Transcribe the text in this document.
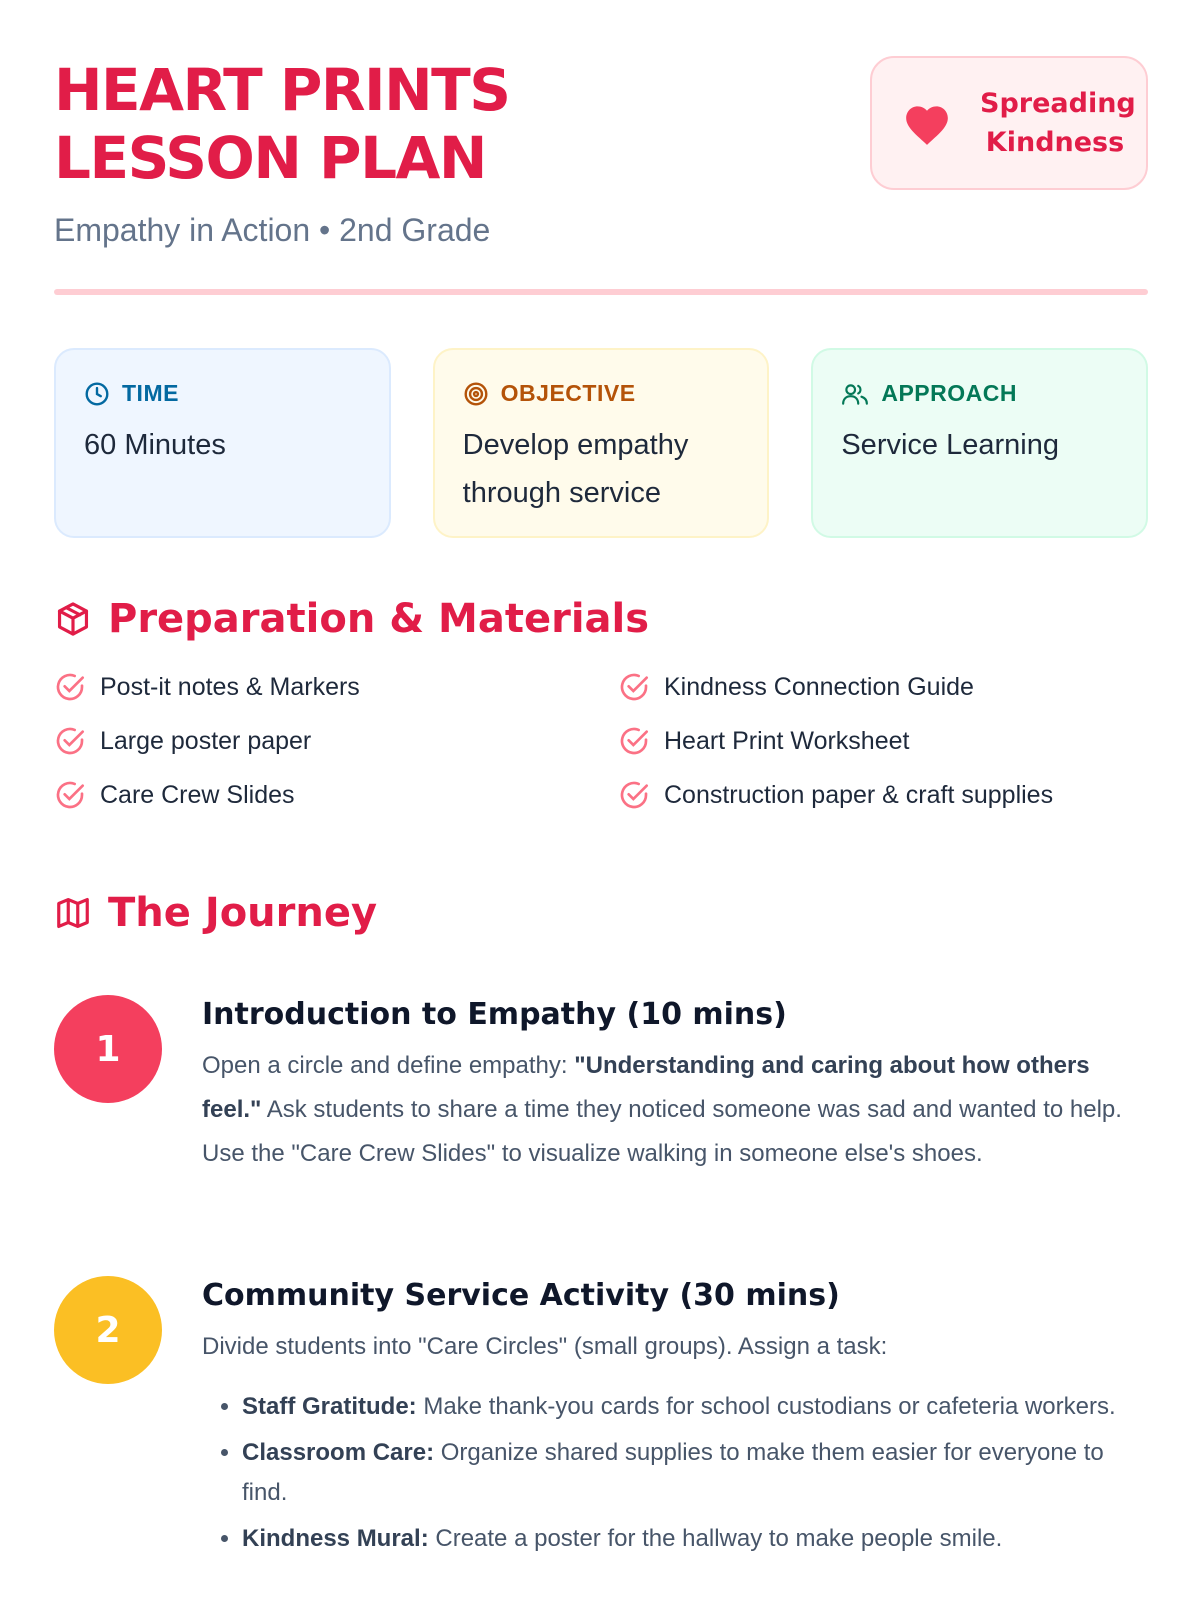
HEART PRINTS LESSON PLAN
Empathy in Action • 2nd Grade
Spreading Kindness
TIME
60 Minutes
OBJECTIVE
Develop empathy through service
APPROACH
Service Learning
Preparation & Materials
Post-it notes & Markers	Kindness Connection Guide
Large poster paper	Heart Print Worksheet
Care Crew Slides	Construction paper & craft supplies
The Journey
1
Introduction to Empathy (10 mins)

Open a circle and define empathy: "Understanding and caring about how others feel." Ask students to share a time they noticed someone was sad and wanted to help. Use the "Care Crew Slides" to visualize walking in someone else's shoes.

2
Community Service Activity (30 mins)

Divide students into "Care Circles" (small groups). Assign a task:

• Staff Gratitude: Make thank-you cards for school custodians or cafeteria workers.
• Classroom Care: Organize shared supplies to make them easier for everyone to find.
• Kindness Mural: Create a poster for the hallway to make people smile.
